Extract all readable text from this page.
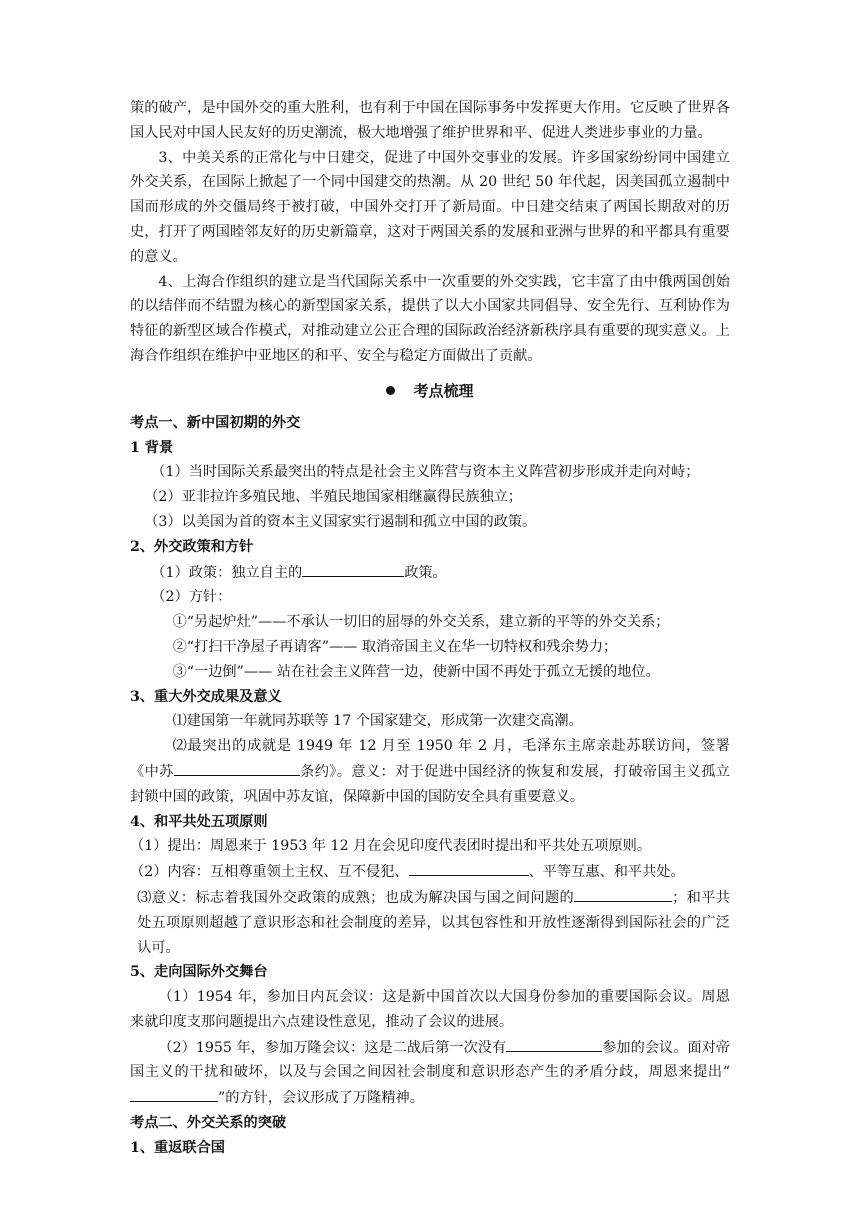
策的破产，是中国外交的重大胜利，也有利于中国在国际事务中发挥更大作用。它反映了世界各国人民对中国人民友好的历史潮流，极大地增强了维护世界和平、促进人类进步事业的力量。

3、中美关系的正常化与中日建交，促进了中国外交事业的发展。许多国家纷纷同中国建立外交关系，在国际上掀起了一个同中国建交的热潮。从 20 世纪 50 年代起，因美国孤立遏制中国而形成的外交僵局终于被打破，中国外交打开了新局面。中日建交结束了两国长期敌对的历史，打开了两国睦邻友好的历史新篇章，这对于两国关系的发展和亚洲与世界的和平都具有重要的意义。

4、上海合作组织的建立是当代国际关系中一次重要的外交实践，它丰富了由中俄两国创始的以结伴而不结盟为核心的新型国家关系，提供了以大小国家共同倡导、安全先行、互利协作为特征的新型区域合作模式，对推动建立公正合理的国际政治经济新秩序具有重要的现实意义。上海合作组织在维护中亚地区的和平、安全与稳定方面做出了贡献。

考点梳理

考点一、新中国初期的外交

1 背景

（1）当时国际关系最突出的特点是社会主义阵营与资本主义阵营初步形成并走向对峙；

（2）亚非拉许多殖民地、半殖民地国家相继赢得民族独立；

（3）以美国为首的资本主义国家实行遏制和孤立中国的政策。

2、外交政策和方针

（1）政策：独立自主的	政策。

（2）方针：

①“另起炉灶”——不承认一切旧的屈辱的外交关系，建立新的平等的外交关系；

②“打扫干净屋子再请客”—— 取消帝国主义在华一切特权和残余势力；

③“一边倒”—— 站在社会主义阵营一边，使新中国不再处于孤立无援的地位。

3、重大外交成果及意义

⑴建国第一年就同苏联等 17 个国家建交，形成第一次建交高潮。

⑵最突出的成就是 1949 年 12 月至 1950 年 2 月，毛泽东主席亲赴苏联访问，签署《中苏	条约》。意义：对于促进中国经济的恢复和发展，打破帝国主义孤立封锁中国的政策，巩固中苏友谊，保障新中国的国防安全具有重要意义。

4、和平共处五项原则

（1）提出：周恩来于 1953 年 12 月在会见印度代表团时提出和平共处五项原则。

（2）内容：互相尊重领土主权、互不侵犯、	、平等互惠、和平共处。

⑶意义：标志着我国外交政策的成熟；也成为解决国与国之间问题的	；和平共处五项原则超越了意识形态和社会制度的差异，以其包容性和开放性逐渐得到国际社会的广泛认可。

5、走向国际外交舞台

（1）1954 年，参加日内瓦会议：这是新中国首次以大国身份参加的重要国际会议。周恩来就印度支那问题提出六点建设性意见，推动了会议的进展。

（2）1955 年，参加万隆会议：这是二战后第一次没有	参加的会议。面对帝国主义的干扰和破坏，以及与会国之间因社会制度和意识形态产生的矛盾分歧，周恩来提出“”的方针，会议形成了万隆精神。

考点二、外交关系的突破

1、重返联合国
